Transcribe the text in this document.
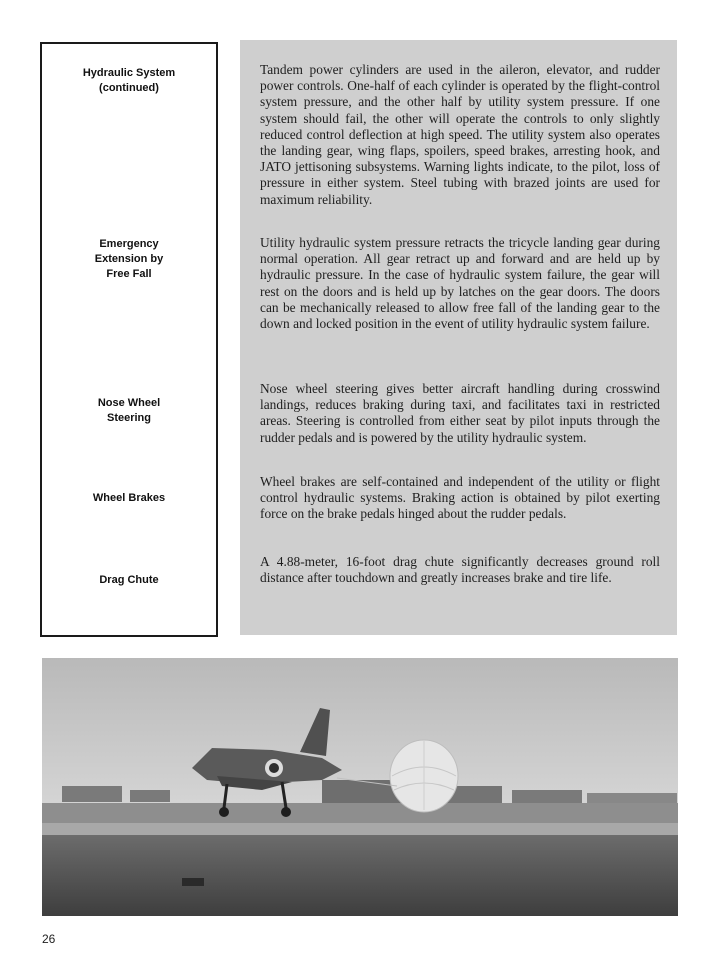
Hydraulic System
(continued)
Emergency
Extension by
Free Fall
Nose Wheel
Steering
Wheel Brakes
Drag Chute

Tandem power cylinders are used in the aileron, elevator, and rudder power controls. One-half of each cylinder is operated by the flight-control system pressure, and the other half by utility system pressure. If one system should fail, the other will operate the controls to only slightly reduced control deflection at high speed. The utility system also operates the landing gear, wing flaps, spoilers, speed brakes, arresting hook, and JATO jettisoning subsystems. Warning lights indicate, to the pilot, loss of pressure in either system. Steel tubing with brazed joints are used for maximum reliability.

Utility hydraulic system pressure retracts the tricycle landing gear during normal operation. All gear retract up and forward and are held up by hydraulic pressure. In the case of hydraulic system failure, the gear will rest on the doors and is held up by latches on the gear doors. The doors can be mechanically released to allow free fall of the landing gear to the down and locked position in the event of utility hydraulic system failure.

Nose wheel steering gives better aircraft handling during crosswind landings, reduces braking during taxi, and facilitates taxi in restricted areas. Steering is controlled from either seat by pilot inputs through the rudder pedals and is powered by the utility hydraulic system.

Wheel brakes are self-contained and independent of the utility or flight control hydraulic systems. Braking action is obtained by pilot exerting force on the brake pedals hinged about the rudder pedals.

A 4.88-meter, 16-foot drag chute significantly decreases ground roll distance after touchdown and greatly increases brake and tire life.

26
